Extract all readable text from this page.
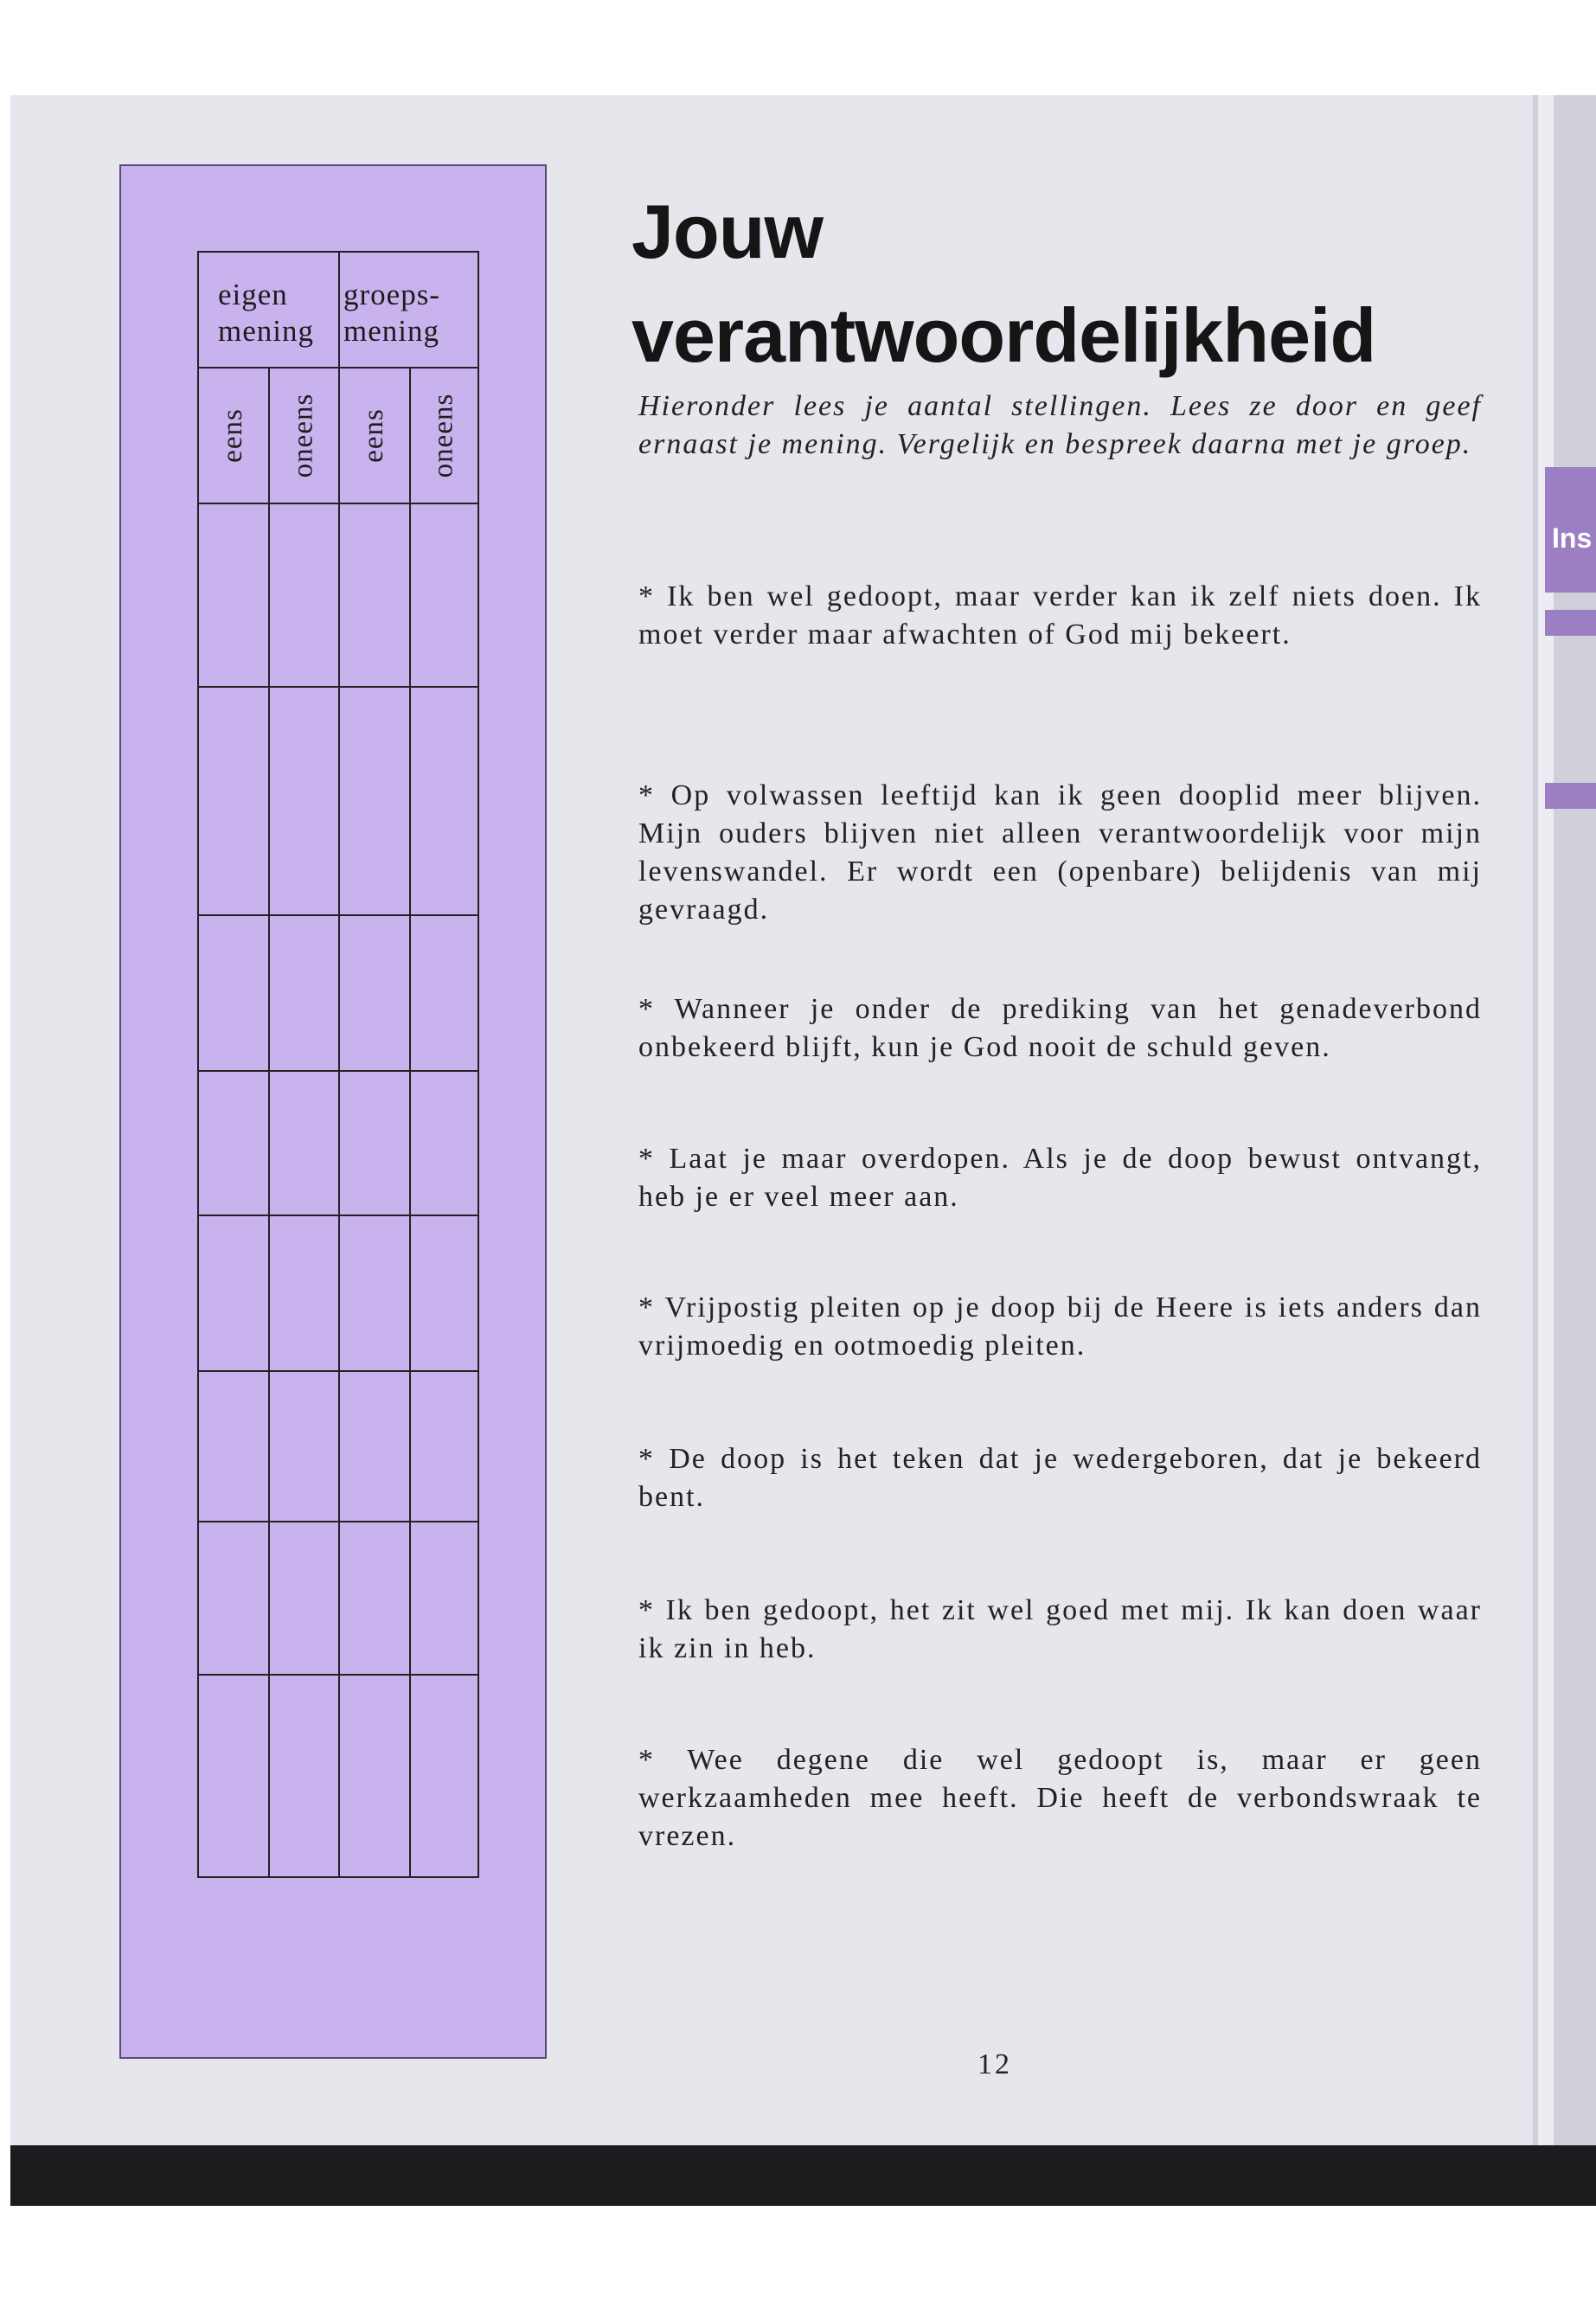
Ins
eigen
mening
groeps-
mening
eens oneens eens oneens
Jouw
verantwoordelijkheid

Hieronder lees je aantal stellingen. Lees ze door en geef ernaast je mening. Vergelijk en bespreek daarna met je groep.

* Ik ben wel gedoopt, maar verder kan ik zelf niets doen. Ik moet verder maar afwachten of God mij bekeert.

* Op volwassen leeftijd kan ik geen dooplid meer blijven. Mijn ouders blijven niet alleen verantwoordelijk voor mijn levenswandel. Er wordt een (openbare) belijdenis van mij gevraagd.

* Wanneer je onder de prediking van het genadeverbond onbekeerd blijft, kun je God nooit de schuld geven.

* Laat je maar overdopen. Als je de doop bewust ontvangt, heb je er veel meer aan.

* Vrijpostig pleiten op je doop bij de Heere is iets anders dan vrijmoedig en ootmoedig pleiten.

* De doop is het teken dat je wedergeboren, dat je bekeerd bent.

* Ik ben gedoopt, het zit wel goed met mij. Ik kan doen waar ik zin in heb.

* Wee degene die wel gedoopt is, maar er geen werkzaamheden mee heeft. Die heeft de verbondswraak te vrezen.

12
